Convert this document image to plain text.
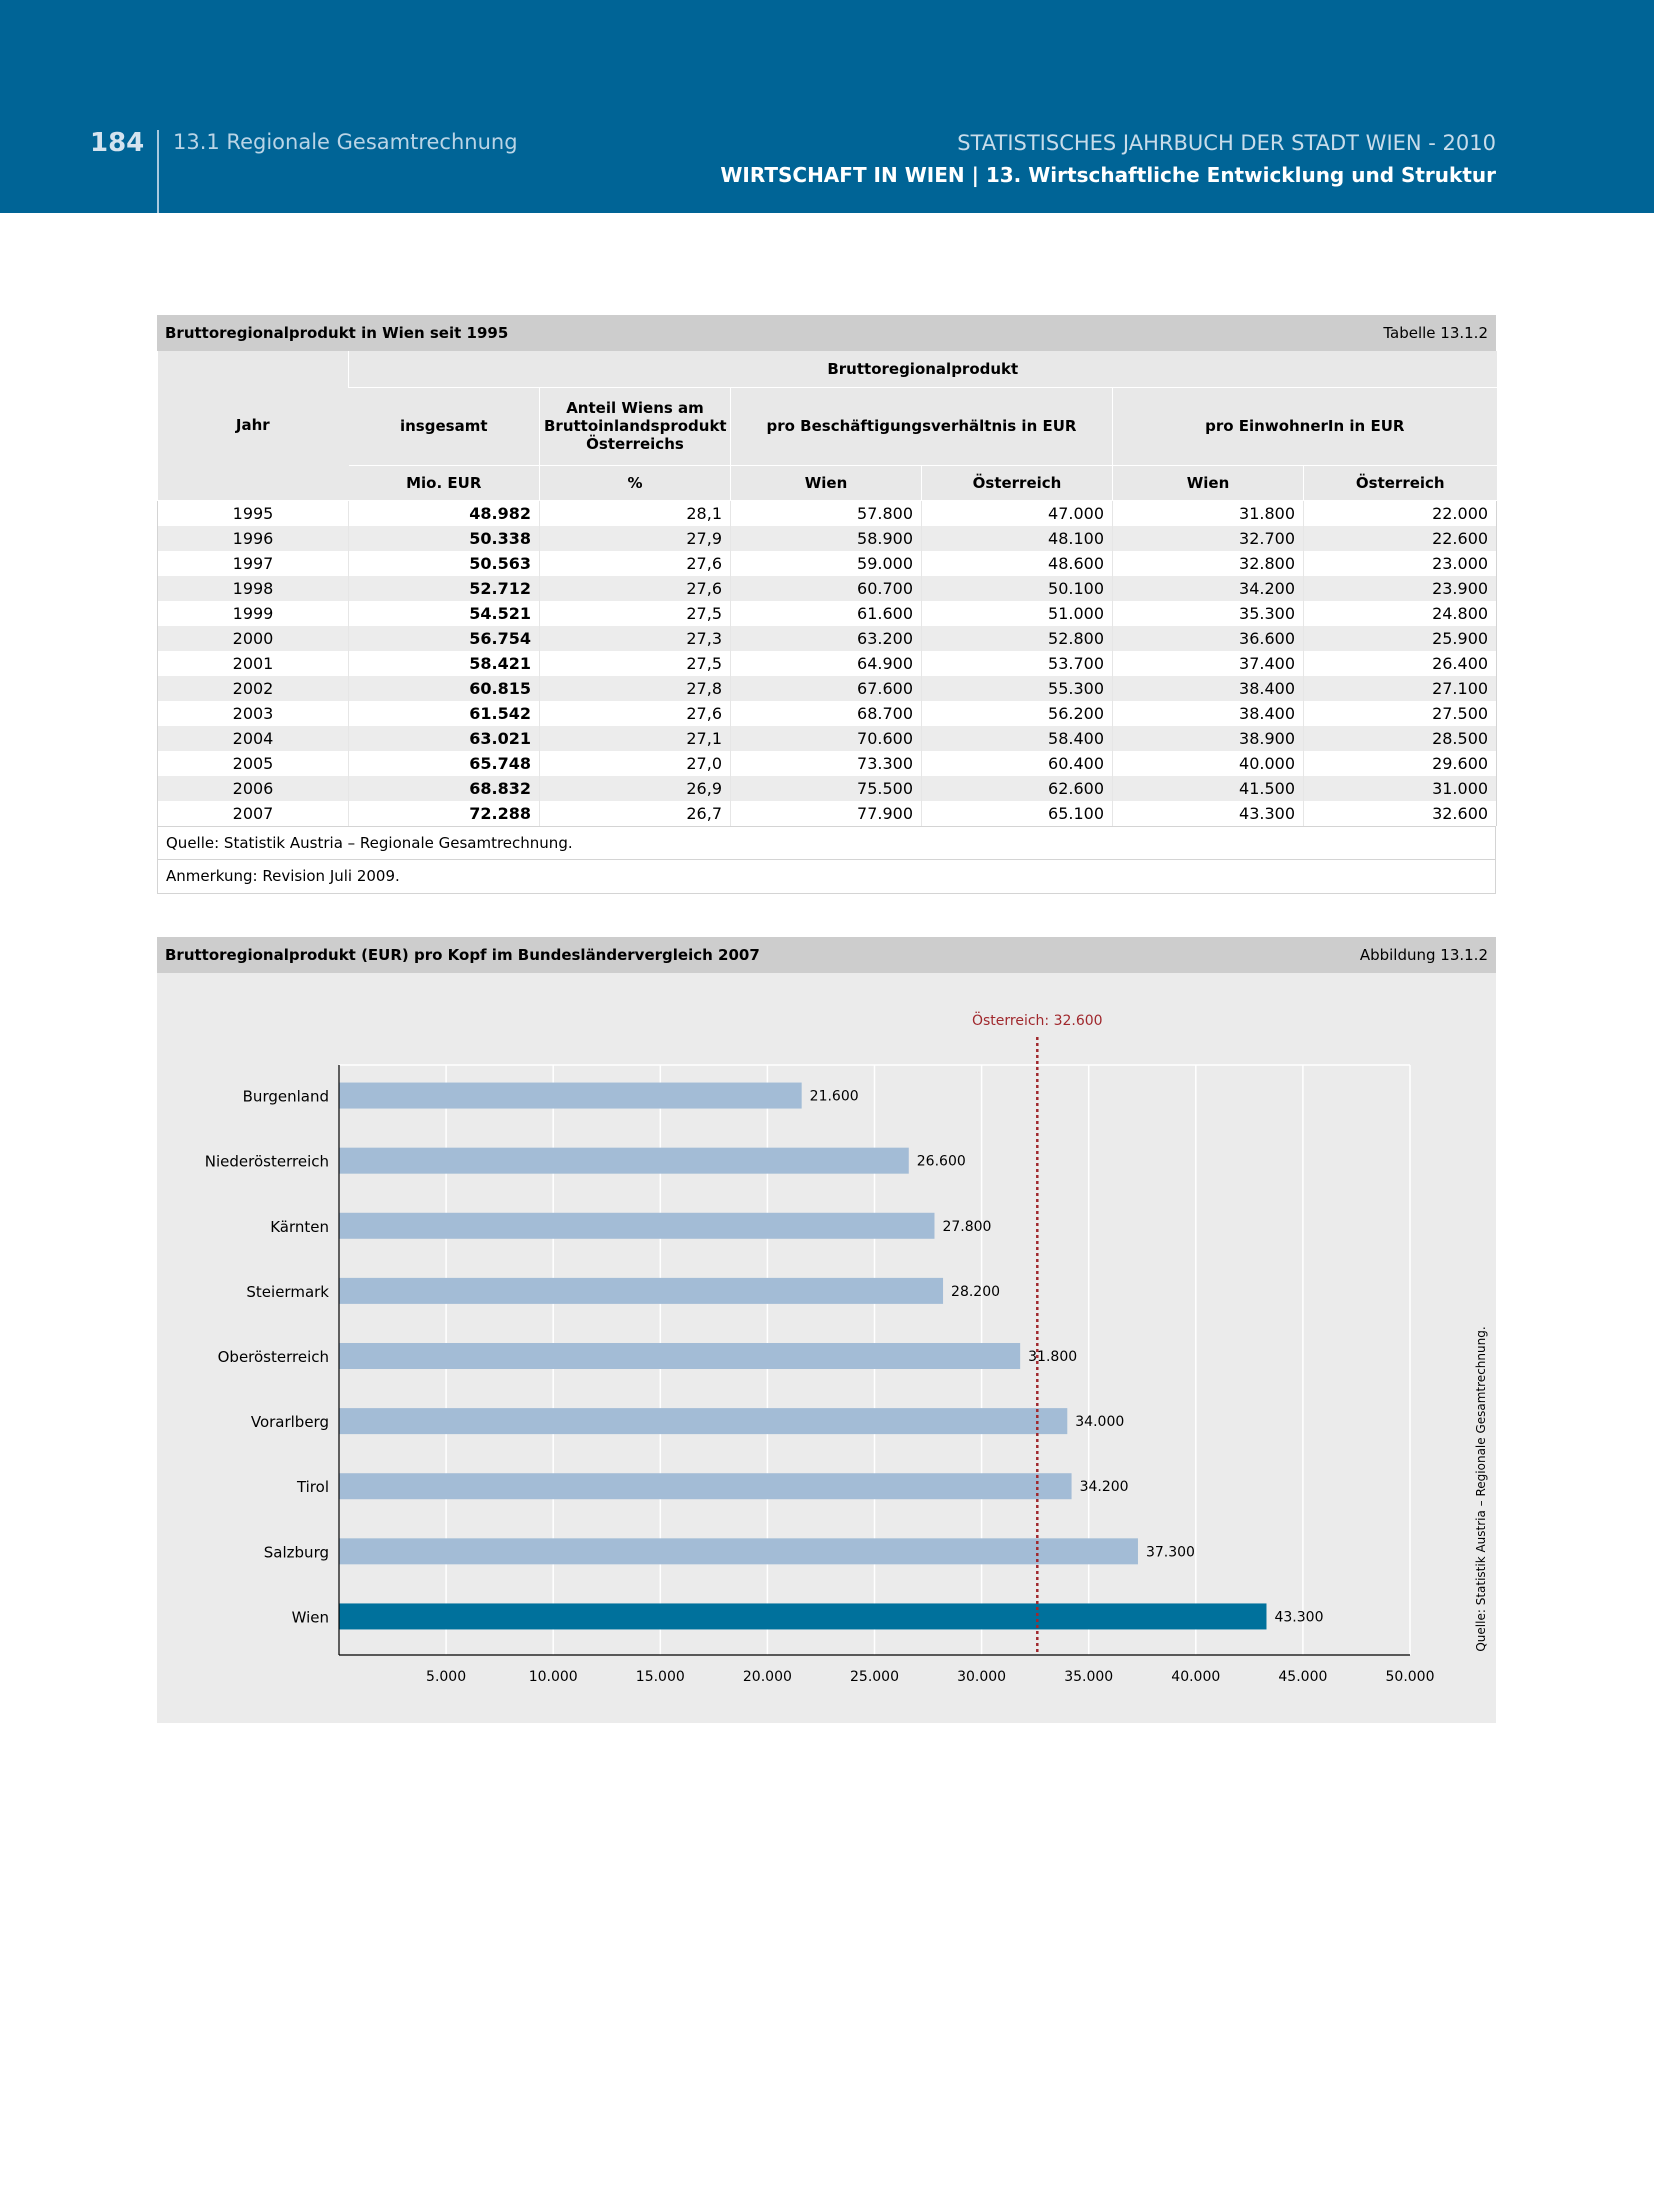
184 13.1 Regionale Gesamtrechnung	STATISTISCHES JAHRBUCH DER STADT WIEN - 2010
WIRTSCHAFT IN WIEN | 13. Wirtschaftliche Entwicklung und Struktur
Bruttoregionalprodukt in Wien seit 1995	Tabelle 13.1.2
Jahr	Bruttoregionalprodukt					
	insgesamt	Anteil Wiens am Bruttoinlandsprodukt Österreichs	pro Beschäftigungsverhältnis in EUR		pro EinwohnerIn in EUR	
	Mio. EUR	%	Wien	Österreich	Wien	Österreich
1995	48.982	28,1	57.800	47.000	31.800	22.000
1996	50.338	27,9	58.900	48.100	32.700	22.600
1997	50.563	27,6	59.000	48.600	32.800	23.000
1998	52.712	27,6	60.700	50.100	34.200	23.900
1999	54.521	27,5	61.600	51.000	35.300	24.800
2000	56.754	27,3	63.200	52.800	36.600	25.900
2001	58.421	27,5	64.900	53.700	37.400	26.400
2002	60.815	27,8	67.600	55.300	38.400	27.100
2003	61.542	27,6	68.700	56.200	38.400	27.500
2004	63.021	27,1	70.600	58.400	38.900	28.500
2005	65.748	27,0	73.300	60.400	40.000	29.600
2006	68.832	26,9	75.500	62.600	41.500	31.000
2007	72.288	26,7	77.900	65.100	43.300	32.600
Quelle: Statistik Austria – Regionale Gesamtrechnung.
Anmerkung: Revision Juli 2009.
Bruttoregionalprodukt (EUR) pro Kopf im Bundesländervergleich 2007	Abbildung 13.1.2
Burgenland	21.600
Niederösterreich	26.600
Kärnten	27.800
Steiermark	28.200
Oberösterreich	31.800
Vorarlberg	34.000
Tirol	34.200
Salzburg	37.300
Wien	43.300
5.000	10.000	15.000	20.000	25.000	30.000	35.000	40.000	45.000	50.000
Österreich: 32.600
Quelle: Statistik Austria – Regionale Gesamtrechnung.
